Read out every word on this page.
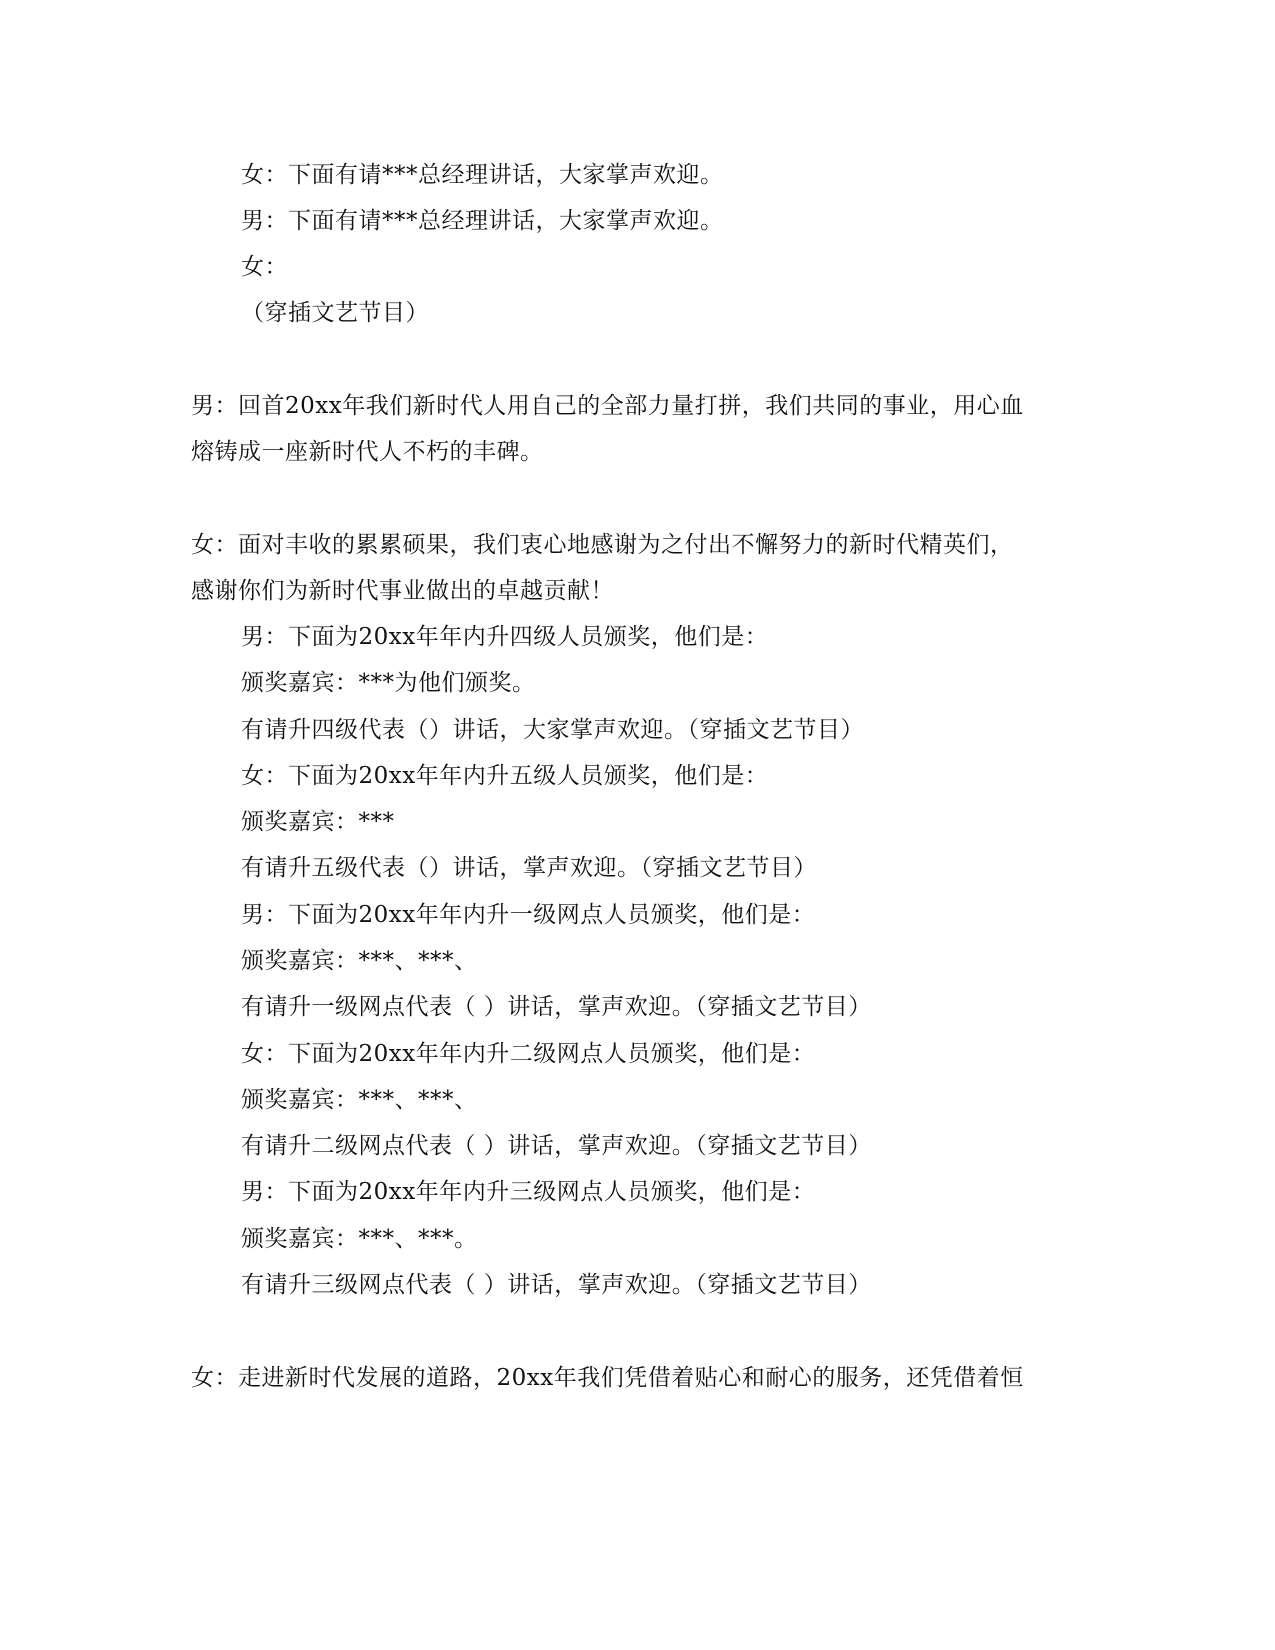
女：下面有请***总经理讲话，大家掌声欢迎。
男：下面有请***总经理讲话，大家掌声欢迎。
女：
（穿插文艺节目）
男：回首20xx年我们新时代人用自己的全部力量打拼，我们共同的事业，用心血
熔铸成一座新时代人不朽的丰碑。
女：面对丰收的累累硕果，我们衷心地感谢为之付出不懈努力的新时代精英们，
感谢你们为新时代事业做出的卓越贡献！
男：下面为20xx年年内升四级人员颁奖，他们是：
颁奖嘉宾：***为他们颁奖。
有请升四级代表（）讲话，大家掌声欢迎。（穿插文艺节目）
女：下面为20xx年年内升五级人员颁奖，他们是：
颁奖嘉宾：***
有请升五级代表（）讲话，掌声欢迎。（穿插文艺节目）
男：下面为20xx年年内升一级网点人员颁奖，他们是：
颁奖嘉宾：***、***、
有请升一级网点代表（ ）讲话，掌声欢迎。（穿插文艺节目）
女：下面为20xx年年内升二级网点人员颁奖，他们是：
颁奖嘉宾：***、***、
有请升二级网点代表（ ）讲话，掌声欢迎。（穿插文艺节目）
男：下面为20xx年年内升三级网点人员颁奖，他们是：
颁奖嘉宾：***、***。
有请升三级网点代表（ ）讲话，掌声欢迎。（穿插文艺节目）
女：走进新时代发展的道路，20xx年我们凭借着贴心和耐心的服务，还凭借着恒
